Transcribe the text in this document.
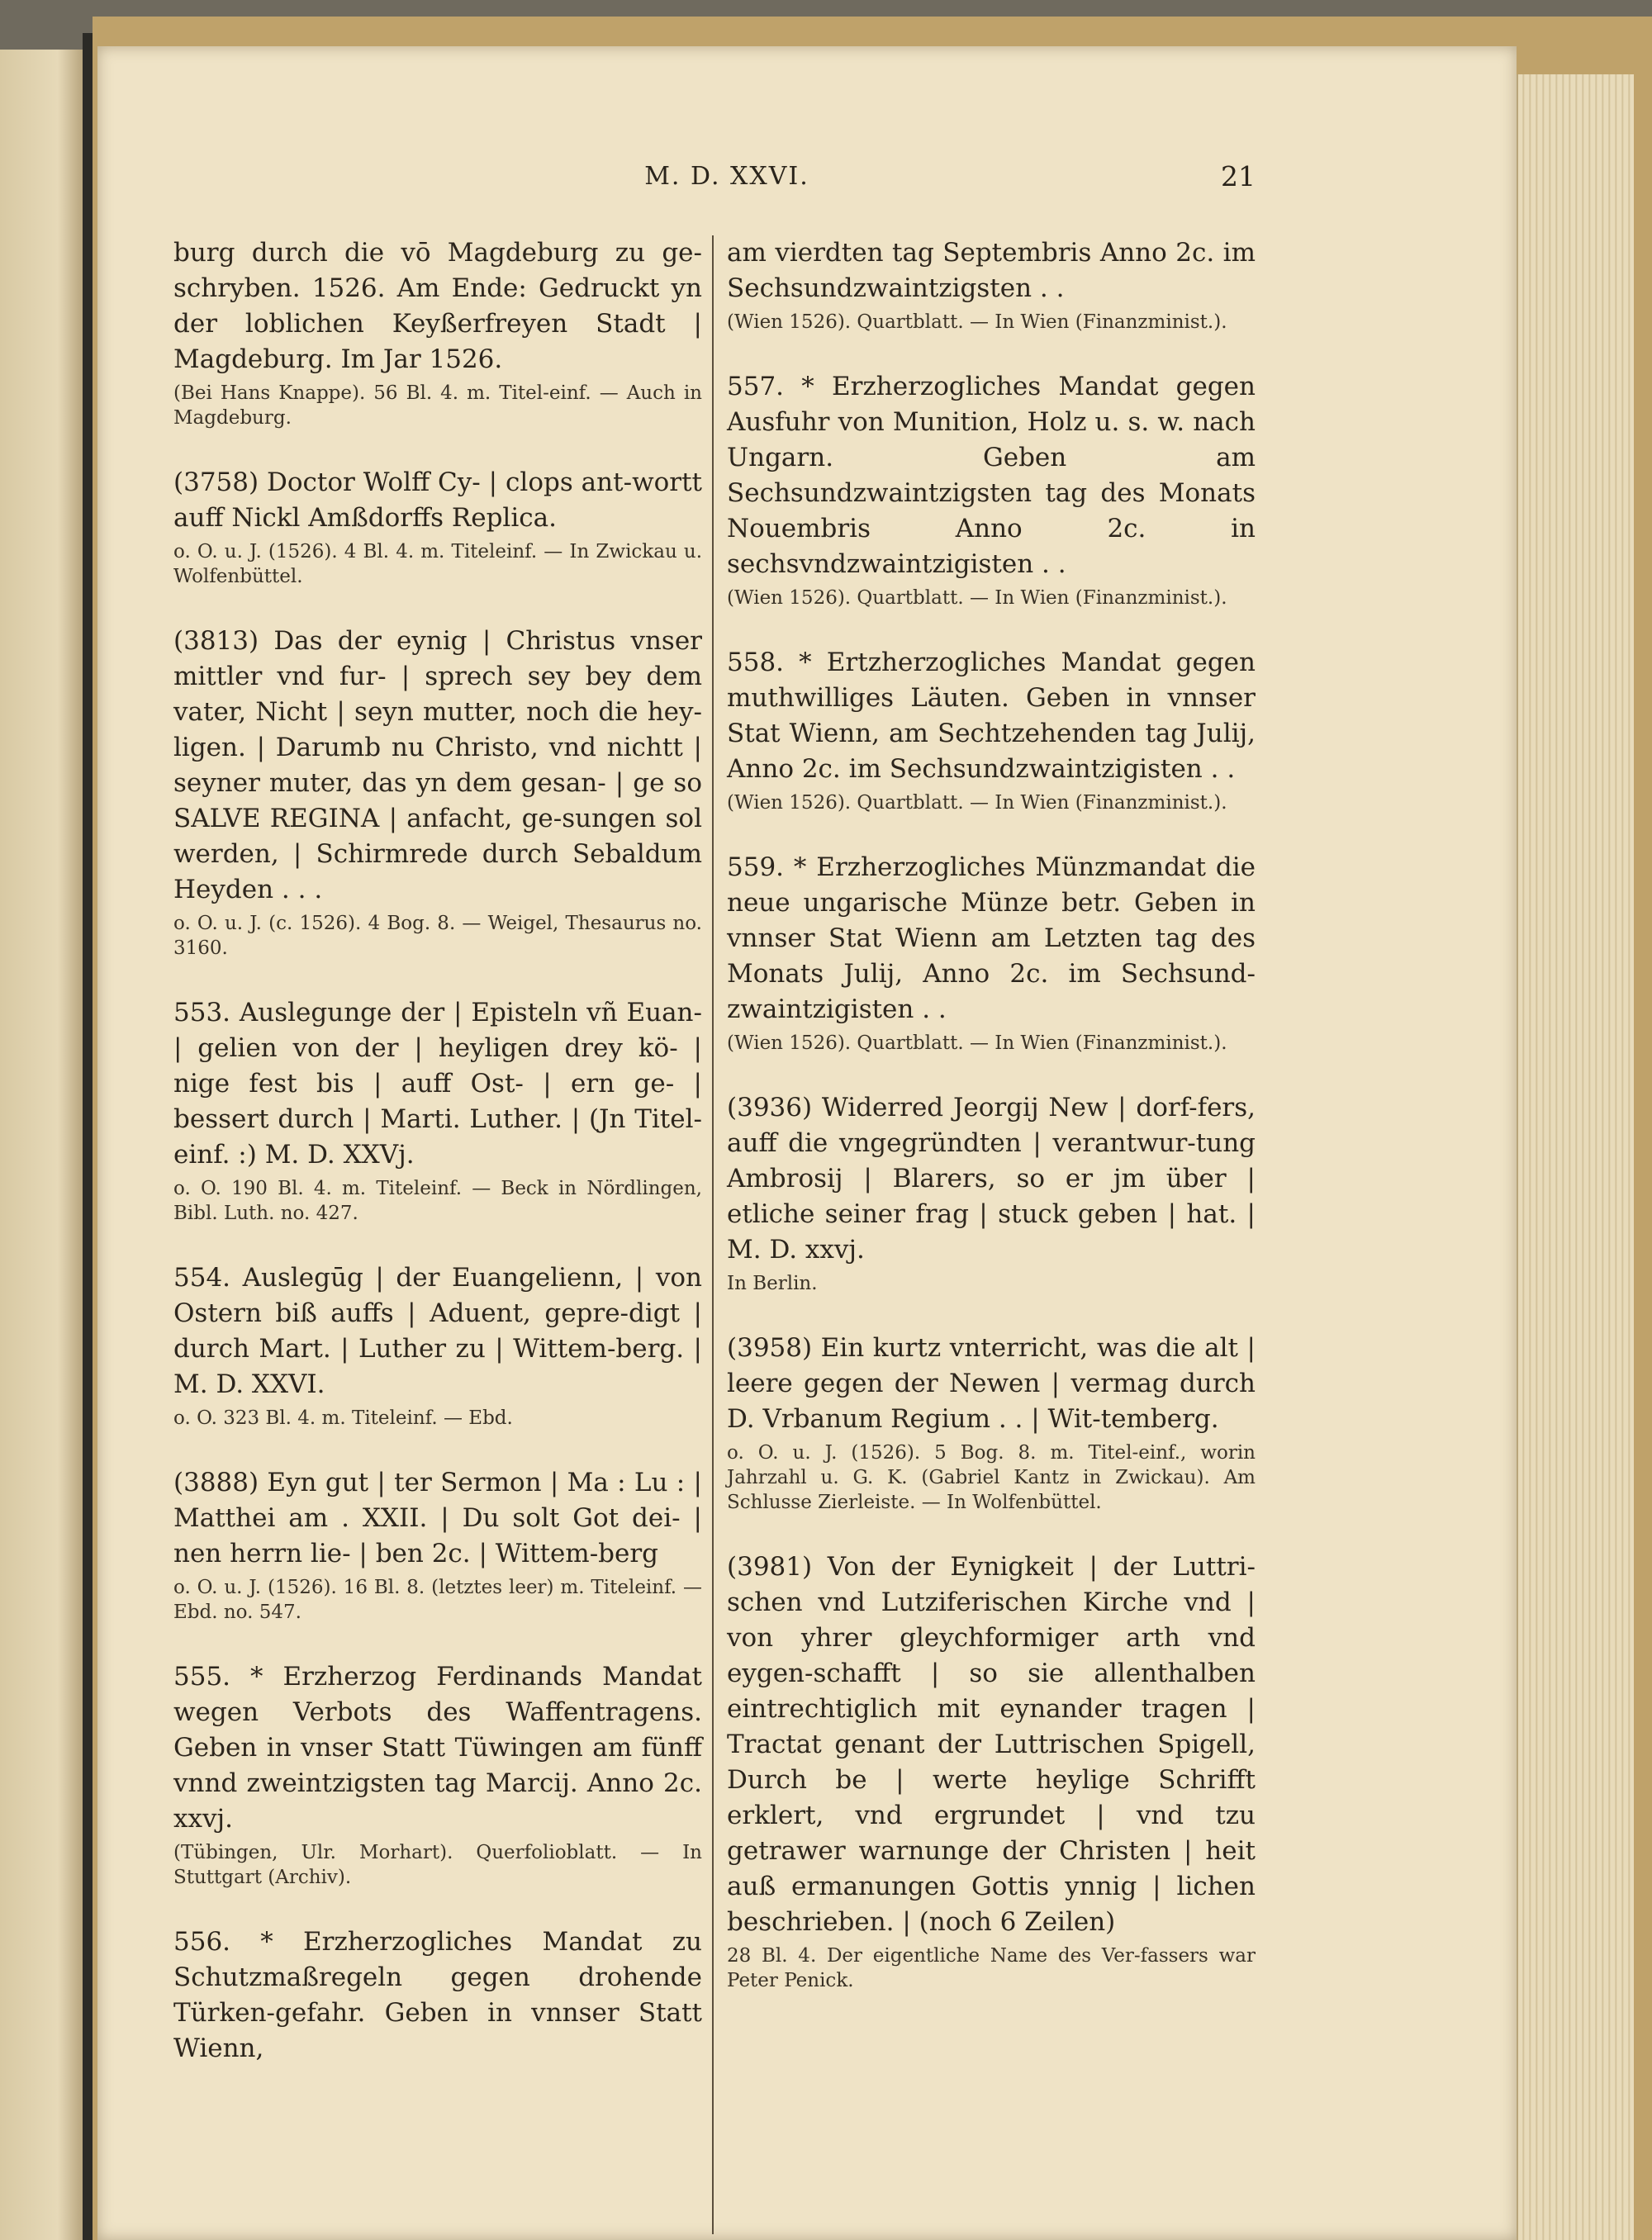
M. D. XXVI.	21

burg durch die vō Magdeburg zu ge-schryben. 1526. Am Ende: Gedruckt yn der loblichen Keyßerfreyen Stadt | Magdeburg. Im Jar 1526.

(Bei Hans Knappe). 56 Bl. 4. m. Titel-einf. — Auch in Magdeburg.

(3758) Doctor Wolff Cy- | clops ant-wortt auff Nickl Amßdorffs Replica.

o. O. u. J. (1526). 4 Bl. 4. m. Titeleinf. — In Zwickau u. Wolfenbüttel.

(3813) Das der eynig | Christus vnser mittler vnd fur- | sprech sey bey dem vater, Nicht | seyn mutter, noch die hey-ligen. | Darumb nu Christo, vnd nichtt | seyner muter, das yn dem gesan- | ge so SALVE REGINA | anfacht, ge-sungen sol werden, | Schirmrede durch Sebaldum Heyden . . .

o. O. u. J. (c. 1526). 4 Bog. 8. — Weigel, Thesaurus no. 3160.

553. Auslegunge der | Episteln vñ Euan- | gelien von der | heyligen drey kö- | nige fest bis | auff Ost- | ern ge- | bessert durch | Marti. Luther. | (Jn Titel-einf. :) M. D. XXVj.

o. O. 190 Bl. 4. m. Titeleinf. — Beck in Nördlingen, Bibl. Luth. no. 427.

554. Auslegūg | der Euangelienn, | von Ostern biß auffs | Aduent, gepre-digt | durch Mart. | Luther zu | Wittem-berg. | M. D. XXVI.

o. O. 323 Bl. 4. m. Titeleinf. — Ebd.

(3888) Eyn gut | ter Sermon | Ma : Lu : | Matthei am . XXII. | Du solt Got dei- | nen herrn lie- | ben 2c. | Wittem-berg

o. O. u. J. (1526). 16 Bl. 8. (letztes leer) m. Titeleinf. — Ebd. no. 547.

555. * Erzherzog Ferdinands Mandat wegen Verbots des Waffentragens. Geben in vnser Statt Tüwingen am fünff vnnd zweintzigsten tag Marcij. Anno 2c. xxvj.

(Tübingen, Ulr. Morhart). Querfolioblatt. — In Stuttgart (Archiv).

556. * Erzherzogliches Mandat zu Schutzmaßregeln gegen drohende Türken-gefahr. Geben in vnnser Statt Wienn,

am vierdten tag Septembris Anno 2c. im Sechsundzwaintzigsten . .

(Wien 1526). Quartblatt. — In Wien (Finanzminist.).

557. * Erzherzogliches Mandat gegen Ausfuhr von Munition, Holz u. s. w. nach Ungarn. Geben am Sechsundzwaintzigsten tag des Monats Nouembris Anno 2c. in sechsvndzwaintzigisten . .

(Wien 1526). Quartblatt. — In Wien (Finanzminist.).

558. * Ertzherzogliches Mandat gegen muthwilliges Läuten. Geben in vnnser Stat Wienn, am Sechtzehenden tag Julij, Anno 2c. im Sechsundzwaintzigisten . .

(Wien 1526). Quartblatt. — In Wien (Finanzminist.).

559. * Erzherzogliches Münzmandat die neue ungarische Münze betr. Geben in vnnser Stat Wienn am Letzten tag des Monats Julij, Anno 2c. im Sechsund-zwaintzigisten . .

(Wien 1526). Quartblatt. — In Wien (Finanzminist.).

(3936) Widerred Jeorgij New | dorf-fers, auff die vngegründten | verantwur-tung Ambrosij | Blarers, so er jm über | etliche seiner frag | stuck geben | hat. | M. D. xxvj.

In Berlin.

(3958) Ein kurtz vnterricht, was die alt | leere gegen der Newen | vermag durch D. Vrbanum Regium . . | Wit-temberg.

o. O. u. J. (1526). 5 Bog. 8. m. Titel-einf., worin Jahrzahl u. G. K. (Gabriel Kantz in Zwickau). Am Schlusse Zierleiste. — In Wolfenbüttel.

(3981) Von der Eynigkeit | der Luttri-schen vnd Lutziferischen Kirche vnd | von yhrer gleychformiger arth vnd eygen-schafft | so sie allenthalben eintrechtiglich mit eynander tragen | Tractat genant der Luttrischen Spigell, Durch be | werte heylige Schrifft erklert, vnd ergrundet | vnd tzu getrawer warnunge der Christen | heit auß ermanungen Gottis ynnig | lichen beschrieben. | (noch 6 Zeilen)

28 Bl. 4. Der eigentliche Name des Ver-fassers war Peter Penick.
